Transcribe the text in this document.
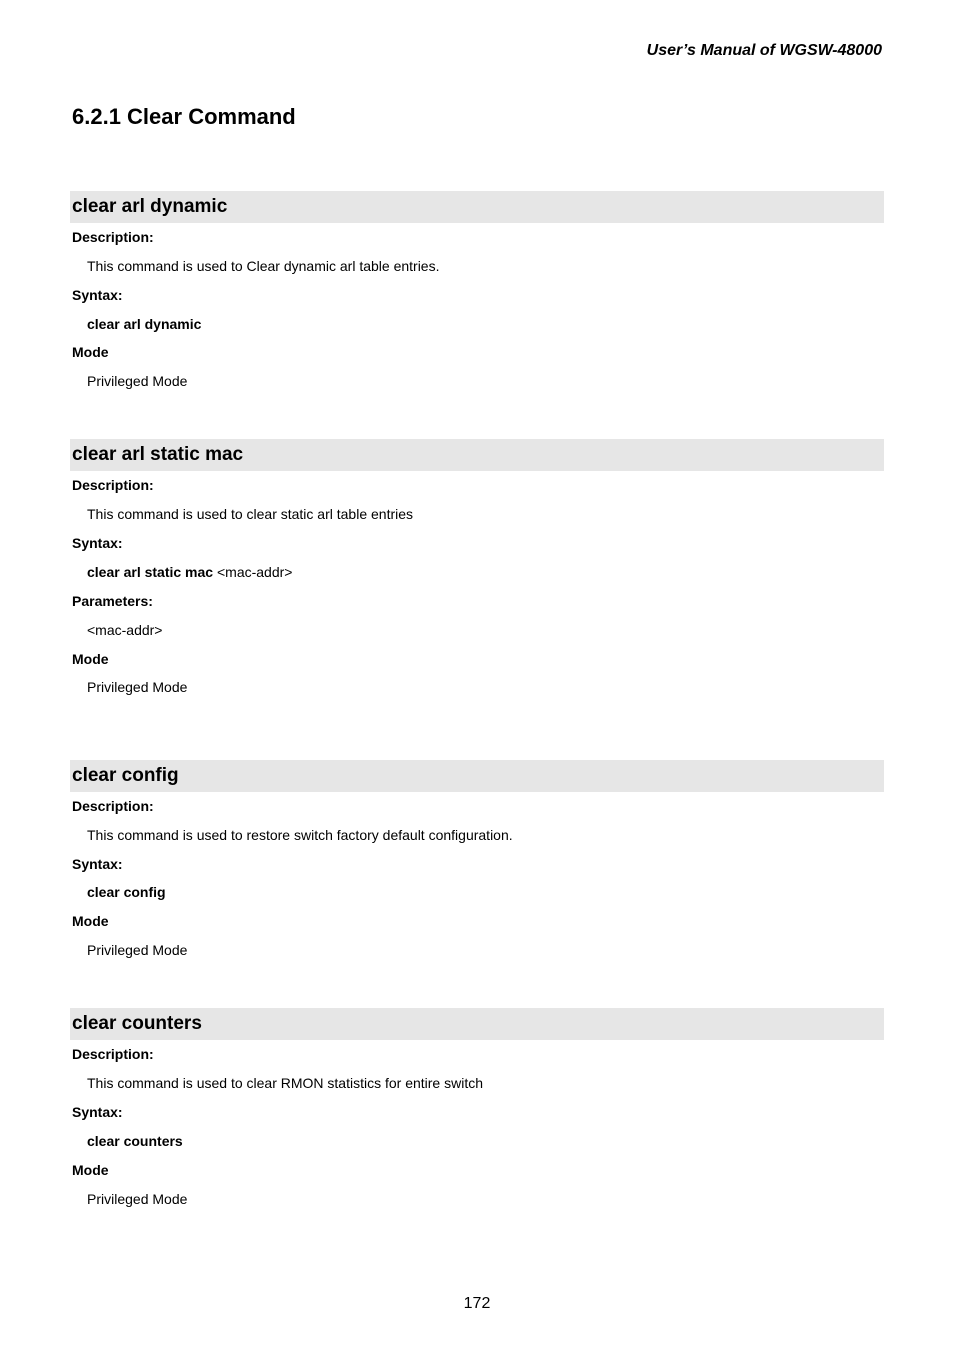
User’s Manual of WGSW-48000
6.2.1 Clear Command
clear arl dynamic
Description:
This command is used to Clear dynamic arl table entries.
Syntax:
clear arl dynamic
Mode
Privileged Mode
clear arl static mac
Description:
This command is used to clear static arl table entries
Syntax:
clear arl static mac <mac-addr>
Parameters:
<mac-addr>
Mode
Privileged Mode
clear config
Description:
This command is used to restore switch factory default configuration.
Syntax:
clear config
Mode
Privileged Mode
clear counters
Description:
This command is used to clear RMON statistics for entire switch
Syntax:
clear counters
Mode
Privileged Mode
172
